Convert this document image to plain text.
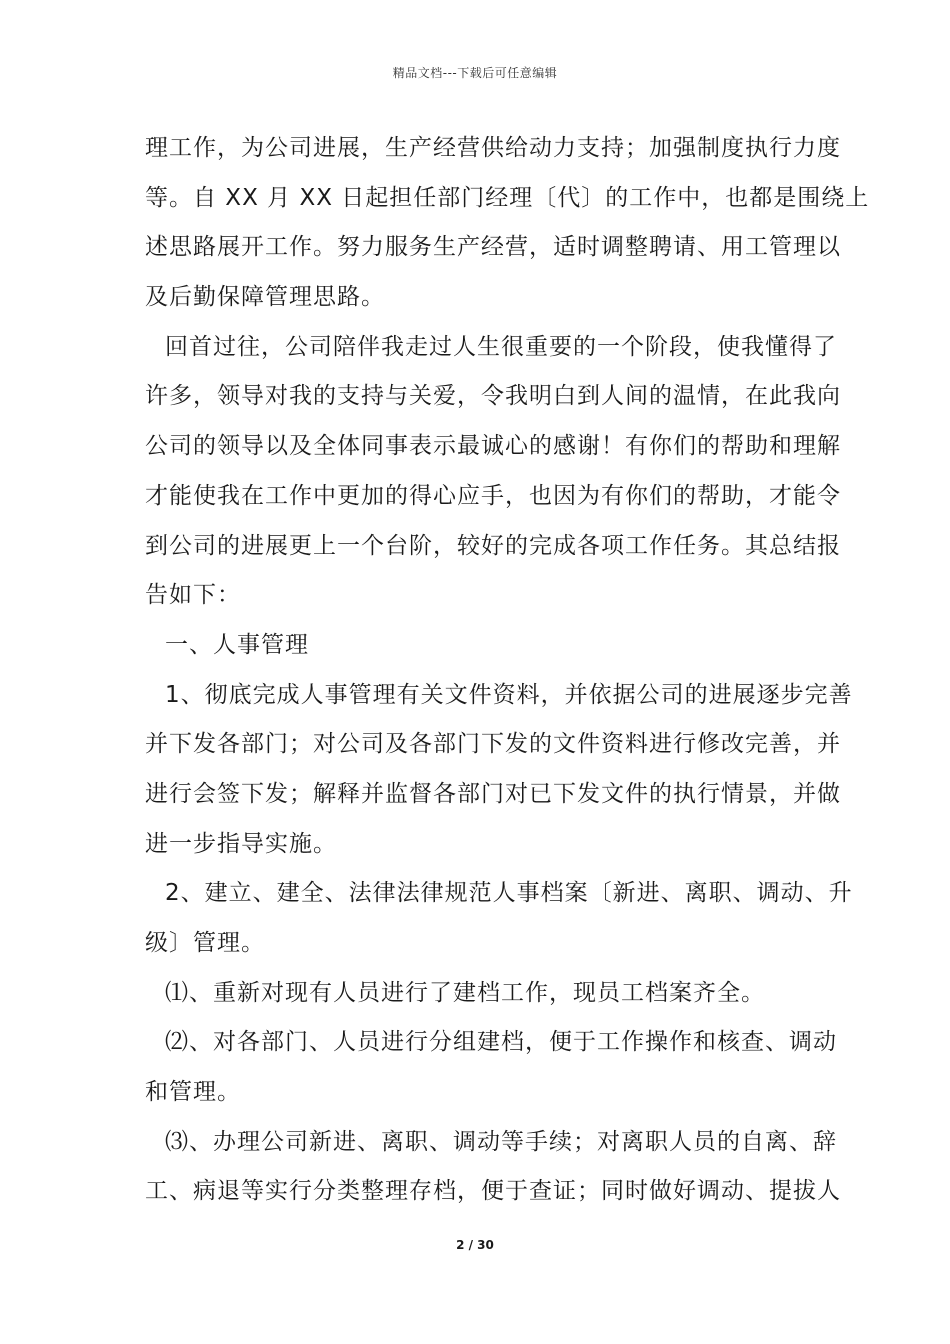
精品文档---下载后可任意编辑
理工作，为公司进展，生产经营供给动力支持；加强制度执行力度
等。自 XX 月 XX 日起担任部门经理〔代〕的工作中，也都是围绕上
述思路展开工作。努力服务生产经营，适时调整聘请、用工管理以
及后勤保障管理思路。
回首过往，公司陪伴我走过人生很重要的一个阶段，使我懂得了
许多，领导对我的支持与关爱，令我明白到人间的温情，在此我向
公司的领导以及全体同事表示最诚心的感谢！有你们的帮助和理解
才能使我在工作中更加的得心应手，也因为有你们的帮助，才能令
到公司的进展更上一个台阶，较好的完成各项工作任务。其总结报
告如下：
一、人事管理
1、彻底完成人事管理有关文件资料，并依据公司的进展逐步完善
并下发各部门；对公司及各部门下发的文件资料进行修改完善，并
进行会签下发；解释并监督各部门对已下发文件的执行情景，并做
进一步指导实施。
2、建立、建全、法律法律规范人事档案〔新进、离职、调动、升
级〕管理。
⑴、重新对现有人员进行了建档工作，现员工档案齐全。
⑵、对各部门、人员进行分组建档，便于工作操作和核查、调动
和管理。
⑶、办理公司新进、离职、调动等手续；对离职人员的自离、辞
工、病退等实行分类整理存档，便于查证；同时做好调动、提拔人
2 / 30
